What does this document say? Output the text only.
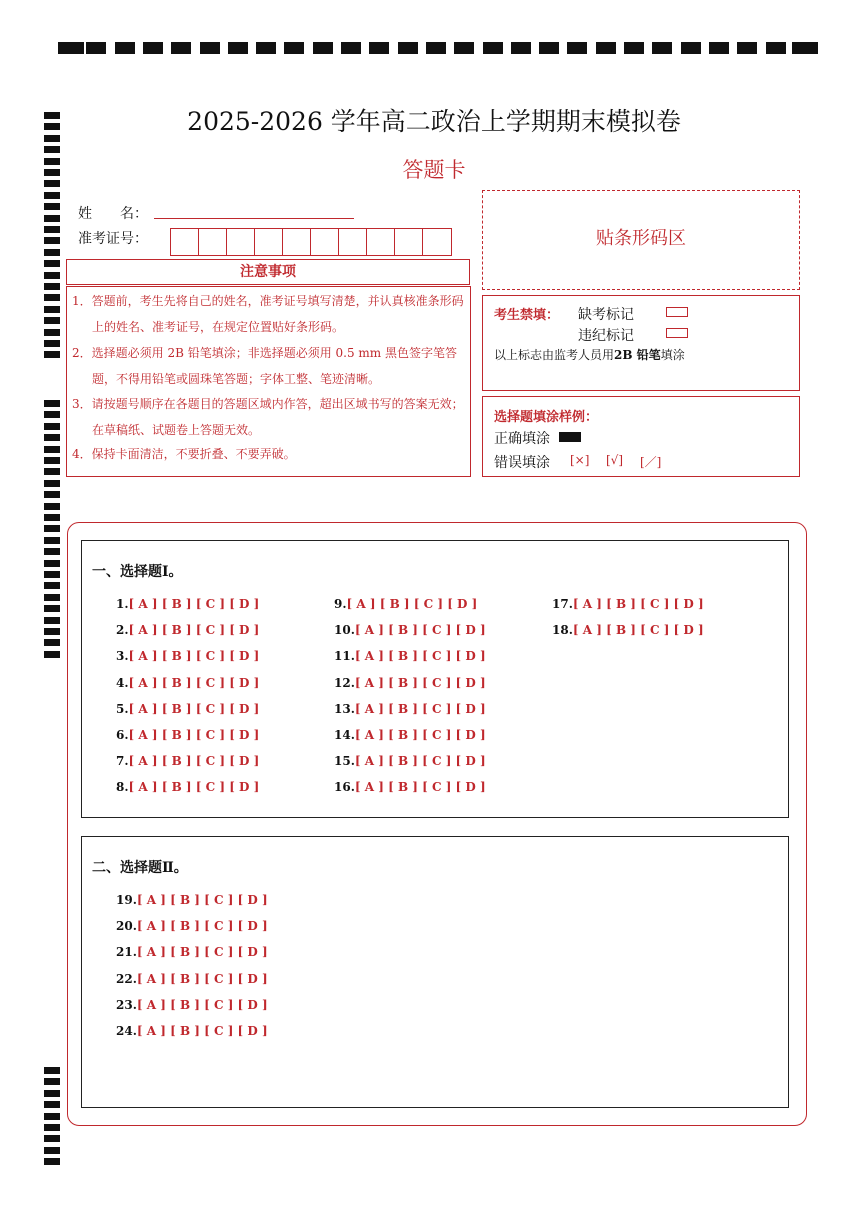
2025-2026 学年高二政治上学期期末模拟卷
答题卡
姓　　名：
准考证号：
注意事项
1．答题前，考生先将自己的姓名，准考证号填写清楚，并认真核准条形码上的姓名、准考证号，在规定位置贴好条形码。
2．选择题必须用 2B 铅笔填涂；非选择题必须用 0.5 mm 黑色签字笔答题，不得用铅笔或圆珠笔答题；字体工整、笔迹清晰。
3．请按题号顺序在各题目的答题区域内作答，超出区域书写的答案无效；在草稿纸、试题卷上答题无效。
4．保持卡面清洁，不要折叠、不要弄破。
贴条形码区
考生禁填： 缺考标记
违纪标记
以上标志由监考人员用2B 铅笔填涂
选择题填涂样例：
正确填涂
错误填涂 [×] [√] [／]
一、选择题Ⅰ。
二、选择题Ⅱ。
1.[ A ] [ B ] [ C ] [ D ]
2.[ A ] [ B ] [ C ] [ D ]
3.[ A ] [ B ] [ C ] [ D ]
4.[ A ] [ B ] [ C ] [ D ]
5.[ A ] [ B ] [ C ] [ D ]
6.[ A ] [ B ] [ C ] [ D ]
7.[ A ] [ B ] [ C ] [ D ]
8.[ A ] [ B ] [ C ] [ D ]
9.[ A ] [ B ] [ C ] [ D ]
10.[ A ] [ B ] [ C ] [ D ]
11.[ A ] [ B ] [ C ] [ D ]
12.[ A ] [ B ] [ C ] [ D ]
13.[ A ] [ B ] [ C ] [ D ]
14.[ A ] [ B ] [ C ] [ D ]
15.[ A ] [ B ] [ C ] [ D ]
16.[ A ] [ B ] [ C ] [ D ]
17.[ A ] [ B ] [ C ] [ D ]
18.[ A ] [ B ] [ C ] [ D ]
19.[ A ] [ B ] [ C ] [ D ]
20.[ A ] [ B ] [ C ] [ D ]
21.[ A ] [ B ] [ C ] [ D ]
22.[ A ] [ B ] [ C ] [ D ]
23.[ A ] [ B ] [ C ] [ D ]
24.[ A ] [ B ] [ C ] [ D ]
